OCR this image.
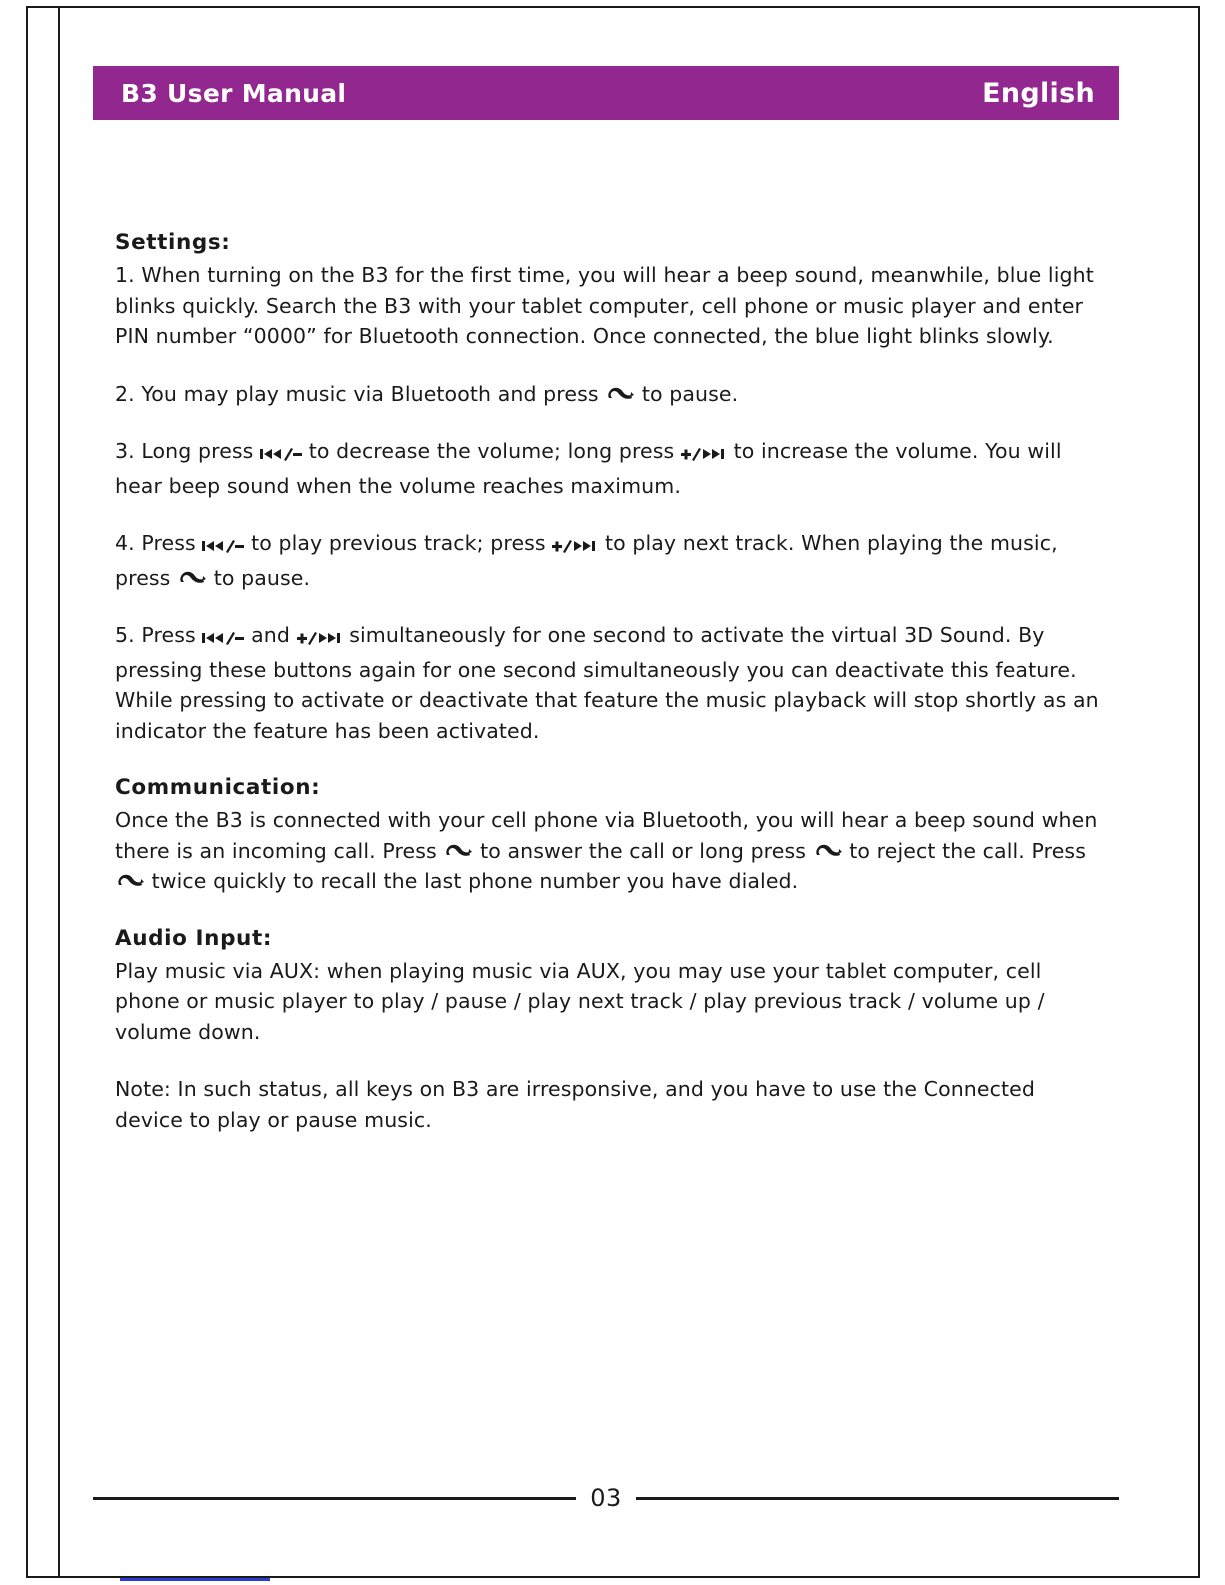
B3 User Manual	English
Settings:

1. When turning on the B3 for the first time, you will hear a beep sound, meanwhile, blue light blinks quickly. Search the B3 with your tablet computer, cell phone or music player and enter PIN number “0000” for Bluetooth connection. Once connected, the blue light blinks slowly.

2. You may play music via Bluetooth and press to pause.

3. Long press	to decrease the volume; long press	to increase the volume. You will hear beep sound when the volume reaches maximum.

4. Press	to play previous track; press	to play next track. When playing the music, press to pause.

5. Press	and	simultaneously for one second to activate the virtual 3D Sound. By pressing these buttons again for one second simultaneously you can deactivate this feature. While pressing to activate or deactivate that feature the music playback will stop shortly as an indicator the feature has been activated.

Communication:

Once the B3 is connected with your cell phone via Bluetooth, you will hear a beep sound when there is an incoming call. Press to answer the call or long press to reject the call. Press
twice quickly to recall the last phone number you have dialed.

Audio Input:

Play music via AUX: when playing music via AUX, you may use your tablet computer, cell phone or music player to play / pause / play next track / play previous track / volume up / volume down.

Note: In such status, all keys on B3 are irresponsive, and you have to use the Connected device to play or pause music.

03
